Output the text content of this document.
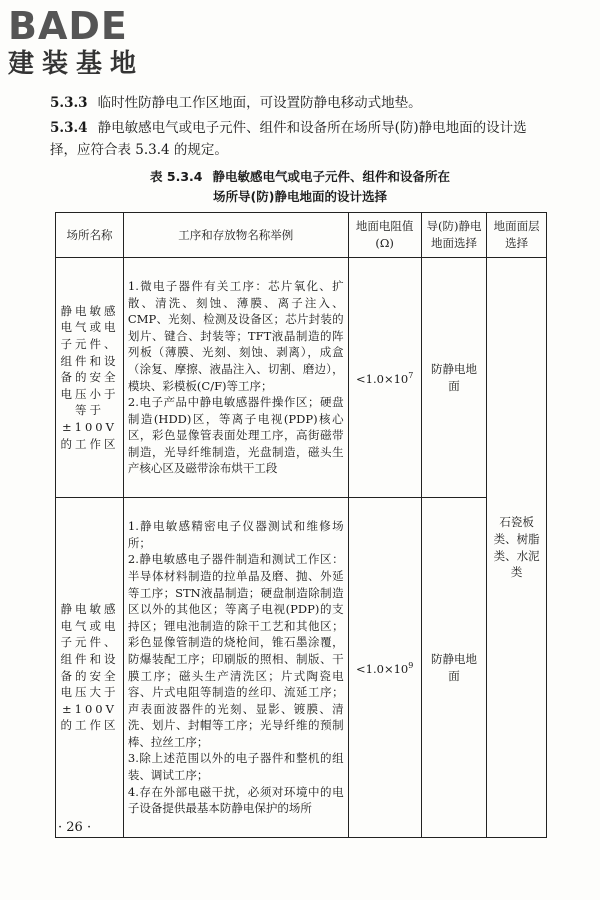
BADE
建装基地
5.3.3 临时性防静电工作区地面，可设置防静电移动式地垫。
5.3.4 静电敏感电气或电子元件、组件和设备所在场所导(防)静电地面的设计选择，应符合表 5.3.4 的规定。
表 5.3.4 静电敏感电气或电子元件、组件和设备所在
场所导(防)静电地面的设计选择
场所名称	工序和存放物名称举例	地面电阻值(Ω)	导(防)静电地面选择	地面面层选择
静电敏感电气或电子元件、组件和设备的安全电压小于等于±100V的工作区	1.微电子器件有关工序：芯片氧化、扩散、清洗、刻蚀、薄膜、离子注入、CMP、光刻、检测及设备区；芯片封装的划片、键合、封装等；TFT液晶制造的阵列板（薄膜、光刻、刻蚀、剥离），成盒（涂复、摩擦、液晶注入、切割、磨边），模块、彩模板(C/F)等工序；
2.电子产品中静电敏感器件操作区；硬盘制造(HDD)区，等离子电视(PDP)核心区，彩色显像管表面处理工序，高街磁带制造，光导纤维制造，光盘制造，磁头生产核心区及磁带涂布烘干工段	$<1.0\times 10^7$	防静电地面	石瓷板类、树脂类、水泥类
静电敏感电气或电子元件、组件和设备的安全电压大于±100V的工作区	1.静电敏感精密电子仪器测试和维修场所；
2.静电敏感电子器件制造和测试工作区：半导体材料制造的拉单晶及磨、抛、外延等工序；STN液晶制造；硬盘制造除制造区以外的其他区；等离子电视(PDP)的支持区；锂电池制造的除干工艺和其他区；彩色显像管制造的烧枪间，锥石墨涂覆，防爆装配工序；印刷版的照相、制版、干膜工序；磁头生产清洗区；片式陶瓷电容、片式电阻等制造的丝印、流延工序；声表面波器件的光刻、显影、镀膜、清洗、划片、封帽等工序；光导纤维的预制棒、拉丝工序；
3.除上述范围以外的电子器件和整机的组装、调试工序；
4.存在外部电磁干扰，必须对环境中的电子设备提供最基本防静电保护的场所	$<1.0\times 10^9$	防静电地面	
· 26 ·
